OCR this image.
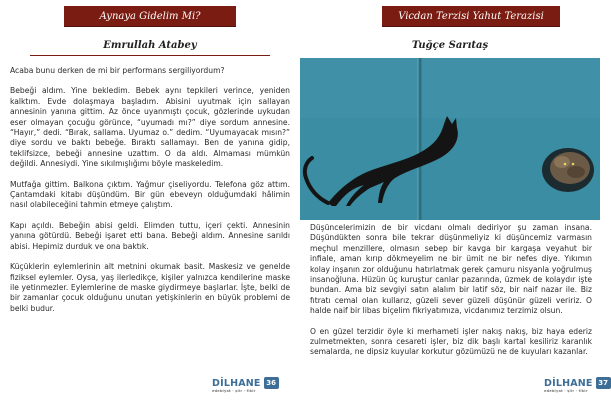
Aynaya Gidelim Mi?
Emrullah Atabey

Acaba bunu derken de mi bir performans sergiliyordum?

Bebeği aldım. Yine bekledim. Bebek aynı tepkileri verince, yeniden kalktım. Evde dolaşmaya başladım. Abisini uyutmak için sallayan annesinin yanına gittim. Az önce uyanmıştı çocuk, gözlerinde uykudan eser olmayan çocuğu görünce, “uyumadı mı?” diye sordum annesine. “Hayır,” dedi. “Bırak, sallama. Uyumaz o.” dedim. “Uyumayacak mısın?” diye sordu ve baktı bebeğe. Bıraktı sallamayı. Ben de yanına gidip, teklifsizce, bebeği annesine uzattım. O da aldı. Almaması mümkün değildi. Annesiydi. Yine sıkılmışlığımı böyle maskeledim.

Mutfağa gittim. Balkona çıktım. Yağmur çiseliyordu. Telefona göz attım. Çantamdaki kitabı düşündüm. Bir gün ebeveyn olduğumdaki hâlimin nasıl olabileceğini tahmin etmeye çalıştım.

Kapı açıldı. Bebeğin abisi geldi. Elimden tuttu, içeri çekti. Annesinin yanına götürdü. Bebeği işaret etti bana. Bebeği aldım. Annesine sarıldı abisi. Hepimiz durduk ve ona baktık.

Küçüklerin eylemlerinin alt metnini okumak basit. Maskesiz ve genelde fiziksel eylemler. Oysa, yaş ilerledikçe, kişiler yalnızca kendilerine maske ile yetinmezler. Eylemlerine de maske giydirmeye başlarlar. İşte, belki de bir zamanlar çocuk olduğunu unutan yetişkinlerin en büyük problemi de belki budur.

DİLHANE
edebiyat · şiir · fikir
36
Vicdan Terzisi Yahut Terazisi
Tuğçe Sarıtaş

Düşüncelerimizin de bir vicdanı olmalı dediriyor şu zaman insana. Düşündükten sonra bile tekrar düşünmeliyiz ki düşüncemiz varmasın meçhul menzillere, olmasın sebep bir kavga bir kargaşa veyahut bir infiale, aman kırıp dökmeyelim ne bir ümit ne bir nefes diye. Yıkımın kolay inşanın zor olduğunu hatırlatmak gerek çamuru nisyanla yoğrulmuş insanoğluna. Hüzün üç kuruştur canlar pazarında, üzmek de kolaydır işte bundan. Ama biz sevgiyi satın alalım bir latif söz, bir naif nazar ile. Biz fıtratı cemal olan kullarız, güzeli sever güzeli düşünür güzeli veririz. O halde naif bir libas biçelim fikriyatımıza, vicdanımız terzimiz olsun.

O en güzel terzidir öyle ki merhameti işler nakış nakış, biz haya ederiz zulmetmekten, sonra cesareti işler, biz dik başlı kartal kesiliriz karanlık semalarda, ne dipsiz kuyular korkutur gözümüzü ne de kuyuları kazanlar.

DİLHANE
edebiyat · şiir · fikir
37
